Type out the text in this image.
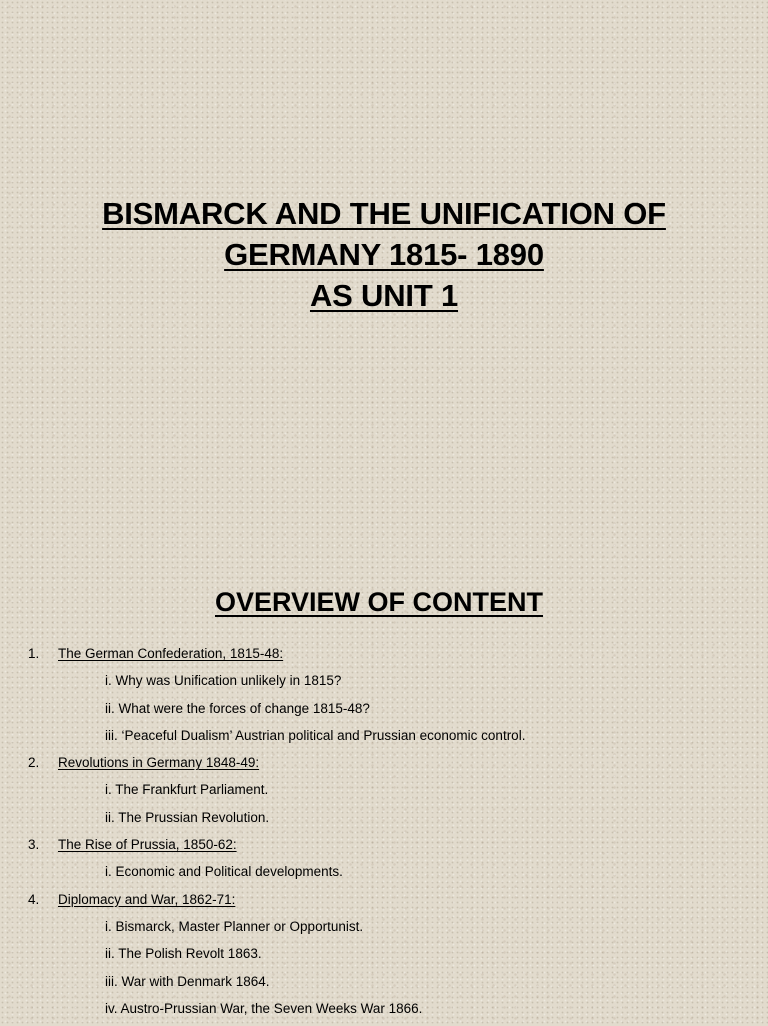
BISMARCK AND THE UNIFICATION OF
GERMANY 1815- 1890
AS UNIT 1
OVERVIEW OF CONTENT
1. The German Confederation, 1815-48:
i. Why was Unification unlikely in 1815?
ii. What were the forces of change 1815-48?
iii. ‘Peaceful Dualism’ Austrian political and Prussian economic control.
2. Revolutions in Germany 1848-49:
i. The Frankfurt Parliament.
ii. The Prussian Revolution.
3. The Rise of Prussia, 1850-62:
i. Economic and Political developments.
4. Diplomacy and War, 1862-71:
i. Bismarck, Master Planner or Opportunist.
ii. The Polish Revolt 1863.
iii. War with Denmark 1864.
iv. Austro-Prussian War, the Seven Weeks War 1866.
